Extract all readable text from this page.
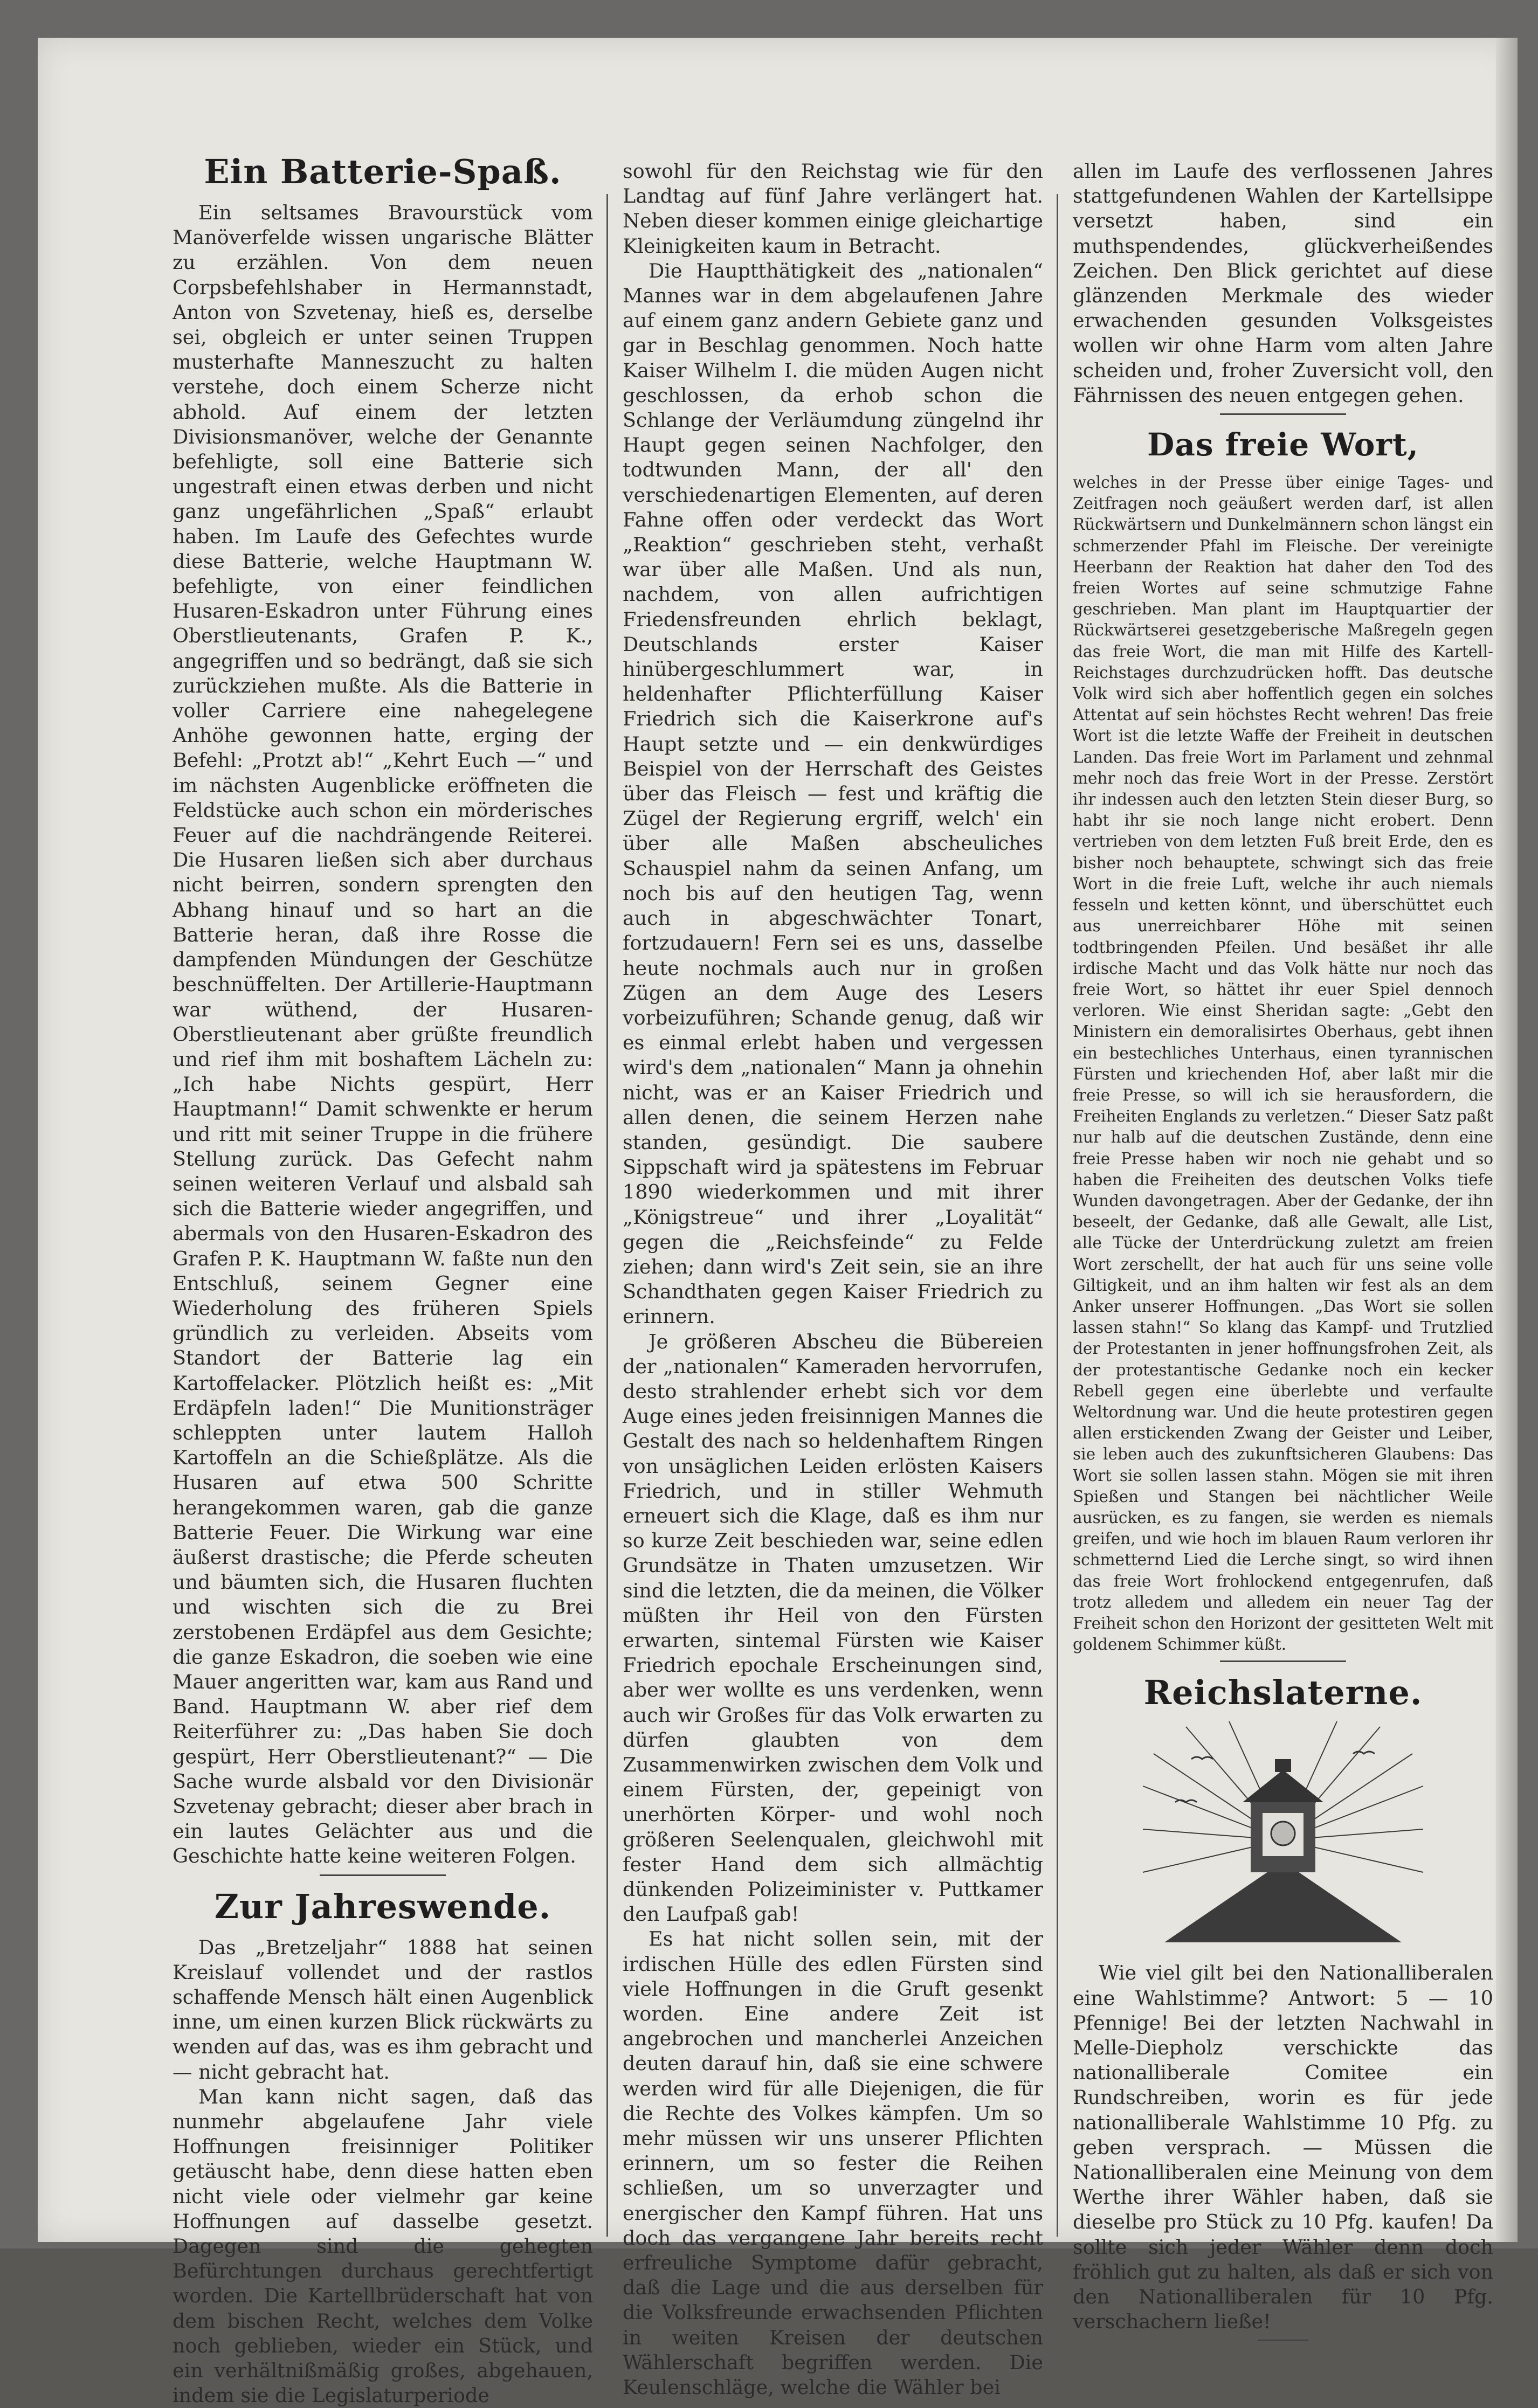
Ein Batterie-Spaß.

Ein seltsames Bravourstück vom Manöverfelde wissen ungarische Blätter zu erzählen. Von dem neuen Corpsbefehlshaber in Hermannstadt, Anton von Szvetenay, hieß es, derselbe sei, obgleich er unter seinen Truppen musterhafte Manneszucht zu halten verstehe, doch einem Scherze nicht abhold. Auf einem der letzten Divisionsmanöver, welche der Genannte befehligte, soll eine Batterie sich ungestraft einen etwas derben und nicht ganz ungefährlichen „Spaß“ erlaubt haben. Im Laufe des Gefechtes wurde diese Batterie, welche Hauptmann W. befehligte, von einer feindlichen Husaren-Eskadron unter Führung eines Oberstlieutenants, Grafen P. K., angegriffen und so bedrängt, daß sie sich zurückziehen mußte. Als die Batterie in voller Carriere eine nahegelegene Anhöhe gewonnen hatte, erging der Befehl: „Protzt ab!“ „Kehrt Euch —“ und im nächsten Augenblicke eröffneten die Feldstücke auch schon ein mörderisches Feuer auf die nachdrängende Reiterei. Die Husaren ließen sich aber durchaus nicht beirren, sondern sprengten den Abhang hinauf und so hart an die Batterie heran, daß ihre Rosse die dampfenden Mündungen der Geschütze beschnüffelten. Der Artillerie-Hauptmann war wüthend, der Husaren-Oberstlieutenant aber grüßte freundlich und rief ihm mit boshaftem Lächeln zu: „Ich habe Nichts gespürt, Herr Hauptmann!“ Damit schwenkte er herum und ritt mit seiner Truppe in die frühere Stellung zurück. Das Gefecht nahm seinen weiteren Verlauf und alsbald sah sich die Batterie wieder angegriffen, und abermals von den Husaren-Eskadron des Grafen P. K. Hauptmann W. faßte nun den Entschluß, seinem Gegner eine Wiederholung des früheren Spiels gründlich zu verleiden. Abseits vom Standort der Batterie lag ein Kartoffelacker. Plötzlich heißt es: „Mit Erdäpfeln laden!“ Die Munitionsträger schleppten unter lautem Halloh Kartoffeln an die Schießplätze. Als die Husaren auf etwa 500 Schritte herangekommen waren, gab die ganze Batterie Feuer. Die Wirkung war eine äußerst drastische; die Pferde scheuten und bäumten sich, die Husaren fluchten und wischten sich die zu Brei zerstobenen Erdäpfel aus dem Gesichte; die ganze Eskadron, die soeben wie eine Mauer angeritten war, kam aus Rand und Band. Hauptmann W. aber rief dem Reiterführer zu: „Das haben Sie doch gespürt, Herr Oberstlieutenant?“ — Die Sache wurde alsbald vor den Divisionär Szvetenay gebracht; dieser aber brach in ein lautes Gelächter aus und die Geschichte hatte keine weiteren Folgen.

Zur Jahreswende.

Das „Bretzeljahr“ 1888 hat seinen Kreislauf vollendet und der rastlos schaffende Mensch hält einen Augenblick inne, um einen kurzen Blick rückwärts zu wenden auf das, was es ihm gebracht und — nicht gebracht hat.

Man kann nicht sagen, daß das nunmehr abgelaufene Jahr viele Hoffnungen freisinniger Politiker getäuscht habe, denn diese hatten eben nicht viele oder vielmehr gar keine Hoffnungen auf dasselbe gesetzt. Dagegen sind die gehegten Befürchtungen durchaus gerechtfertigt worden. Die Kartellbrüderschaft hat von dem bischen Recht, welches dem Volke noch geblieben, wieder ein Stück, und ein verhältnißmäßig großes, abgehauen, indem sie die Legislaturperiode

sowohl für den Reichstag wie für den Landtag auf fünf Jahre verlängert hat. Neben dieser kommen einige gleichartige Kleinigkeiten kaum in Betracht.

Die Hauptthätigkeit des „nationalen“ Mannes war in dem abgelaufenen Jahre auf einem ganz andern Gebiete ganz und gar in Beschlag genommen. Noch hatte Kaiser Wilhelm I. die müden Augen nicht geschlossen, da erhob schon die Schlange der Verläumdung züngelnd ihr Haupt gegen seinen Nachfolger, den todtwunden Mann, der all' den verschiedenartigen Elementen, auf deren Fahne offen oder verdeckt das Wort „Reaktion“ geschrieben steht, verhaßt war über alle Maßen. Und als nun, nachdem, von allen aufrichtigen Friedensfreunden ehrlich beklagt, Deutschlands erster Kaiser hinübergeschlummert war, in heldenhafter Pflichterfüllung Kaiser Friedrich sich die Kaiserkrone auf's Haupt setzte und — ein denkwürdiges Beispiel von der Herrschaft des Geistes über das Fleisch — fest und kräftig die Zügel der Regierung ergriff, welch' ein über alle Maßen abscheuliches Schauspiel nahm da seinen Anfang, um noch bis auf den heutigen Tag, wenn auch in abgeschwächter Tonart, fortzudauern! Fern sei es uns, dasselbe heute nochmals auch nur in großen Zügen an dem Auge des Lesers vorbeizuführen; Schande genug, daß wir es einmal erlebt haben und vergessen wird's dem „nationalen“ Mann ja ohnehin nicht, was er an Kaiser Friedrich und allen denen, die seinem Herzen nahe standen, gesündigt. Die saubere Sippschaft wird ja spätestens im Februar 1890 wiederkommen und mit ihrer „Königstreue“ und ihrer „Loyalität“ gegen die „Reichsfeinde“ zu Felde ziehen; dann wird's Zeit sein, sie an ihre Schandthaten gegen Kaiser Friedrich zu erinnern.

Je größeren Abscheu die Bübereien der „nationalen“ Kameraden hervorrufen, desto strahlender erhebt sich vor dem Auge eines jeden freisinnigen Mannes die Gestalt des nach so heldenhaftem Ringen von unsäglichen Leiden erlösten Kaisers Friedrich, und in stiller Wehmuth erneuert sich die Klage, daß es ihm nur so kurze Zeit beschieden war, seine edlen Grundsätze in Thaten umzusetzen. Wir sind die letzten, die da meinen, die Völker müßten ihr Heil von den Fürsten erwarten, sintemal Fürsten wie Kaiser Friedrich epochale Erscheinungen sind, aber wer wollte es uns verdenken, wenn auch wir Großes für das Volk erwarten zu dürfen glaubten von dem Zusammenwirken zwischen dem Volk und einem Fürsten, der, gepeinigt von unerhörten Körper- und wohl noch größeren Seelenqualen, gleichwohl mit fester Hand dem sich allmächtig dünkenden Polizeiminister v. Puttkamer den Laufpaß gab!

Es hat nicht sollen sein, mit der irdischen Hülle des edlen Fürsten sind viele Hoffnungen in die Gruft gesenkt worden. Eine andere Zeit ist angebrochen und mancherlei Anzeichen deuten darauf hin, daß sie eine schwere werden wird für alle Diejenigen, die für die Rechte des Volkes kämpfen. Um so mehr müssen wir uns unserer Pflichten erinnern, um so fester die Reihen schließen, um so unverzagter und energischer den Kampf führen. Hat uns doch das vergangene Jahr bereits recht erfreuliche Symptome dafür gebracht, daß die Lage und die aus derselben für die Volksfreunde erwachsenden Pflichten in weiten Kreisen der deutschen Wählerschaft begriffen werden. Die Keulenschläge, welche die Wähler bei

allen im Laufe des verflossenen Jahres stattgefundenen Wahlen der Kartellsippe versetzt haben, sind ein muthspendendes, glückverheißendes Zeichen. Den Blick gerichtet auf diese glänzenden Merkmale des wieder erwachenden gesunden Volksgeistes wollen wir ohne Harm vom alten Jahre scheiden und, froher Zuversicht voll, den Fährnissen des neuen entgegen gehen.

Das freie Wort,

welches in der Presse über einige Tages- und Zeitfragen noch geäußert werden darf, ist allen Rückwärtsern und Dunkelmännern schon längst ein schmerzender Pfahl im Fleische. Der vereinigte Heerbann der Reaktion hat daher den Tod des freien Wortes auf seine schmutzige Fahne geschrieben. Man plant im Hauptquartier der Rückwärtserei gesetzgeberische Maßregeln gegen das freie Wort, die man mit Hilfe des Kartell-Reichstages durchzudrücken hofft. Das deutsche Volk wird sich aber hoffentlich gegen ein solches Attentat auf sein höchstes Recht wehren! Das freie Wort ist die letzte Waffe der Freiheit in deutschen Landen. Das freie Wort im Parlament und zehnmal mehr noch das freie Wort in der Presse. Zerstört ihr indessen auch den letzten Stein dieser Burg, so habt ihr sie noch lange nicht erobert. Denn vertrieben von dem letzten Fuß breit Erde, den es bisher noch behauptete, schwingt sich das freie Wort in die freie Luft, welche ihr auch niemals fesseln und ketten könnt, und überschüttet euch aus unerreichbarer Höhe mit seinen todtbringenden Pfeilen. Und besäßet ihr alle irdische Macht und das Volk hätte nur noch das freie Wort, so hättet ihr euer Spiel dennoch verloren. Wie einst Sheridan sagte: „Gebt den Ministern ein demoralisirtes Oberhaus, gebt ihnen ein bestechliches Unterhaus, einen tyrannischen Fürsten und kriechenden Hof, aber laßt mir die freie Presse, so will ich sie herausfordern, die Freiheiten Englands zu verletzen.“ Dieser Satz paßt nur halb auf die deutschen Zustände, denn eine freie Presse haben wir noch nie gehabt und so haben die Freiheiten des deutschen Volks tiefe Wunden davongetragen. Aber der Gedanke, der ihn beseelt, der Gedanke, daß alle Gewalt, alle List, alle Tücke der Unterdrückung zuletzt am freien Wort zerschellt, der hat auch für uns seine volle Giltigkeit, und an ihm halten wir fest als an dem Anker unserer Hoffnungen. „Das Wort sie sollen lassen stahn!“ So klang das Kampf- und Trutzlied der Protestanten in jener hoffnungsfrohen Zeit, als der protestantische Gedanke noch ein kecker Rebell gegen eine überlebte und verfaulte Weltordnung war. Und die heute protestiren gegen allen erstickenden Zwang der Geister und Leiber, sie leben auch des zukunftsicheren Glaubens: Das Wort sie sollen lassen stahn. Mögen sie mit ihren Spießen und Stangen bei nächtlicher Weile ausrücken, es zu fangen, sie werden es niemals greifen, und wie hoch im blauen Raum verloren ihr schmetternd Lied die Lerche singt, so wird ihnen das freie Wort frohlockend entgegenrufen, daß trotz alledem und alledem ein neuer Tag der Freiheit schon den Horizont der gesitteten Welt mit goldenem Schimmer küßt.

Reichslaterne.

Wie viel gilt bei den Nationalliberalen eine Wahlstimme? Antwort: 5 — 10 Pfennige! Bei der letzten Nachwahl in Melle-Diepholz verschickte das nationalliberale Comitee ein Rundschreiben, worin es für jede nationalliberale Wahlstimme 10 Pfg. zu geben versprach. — Müssen die Nationalliberalen eine Meinung von dem Werthe ihrer Wähler haben, daß sie dieselbe pro Stück zu 10 Pfg. kaufen! Da sollte sich jeder Wähler denn doch fröhlich gut zu halten, als daß er sich von den Nationalliberalen für 10 Pfg. verschachern ließe!
